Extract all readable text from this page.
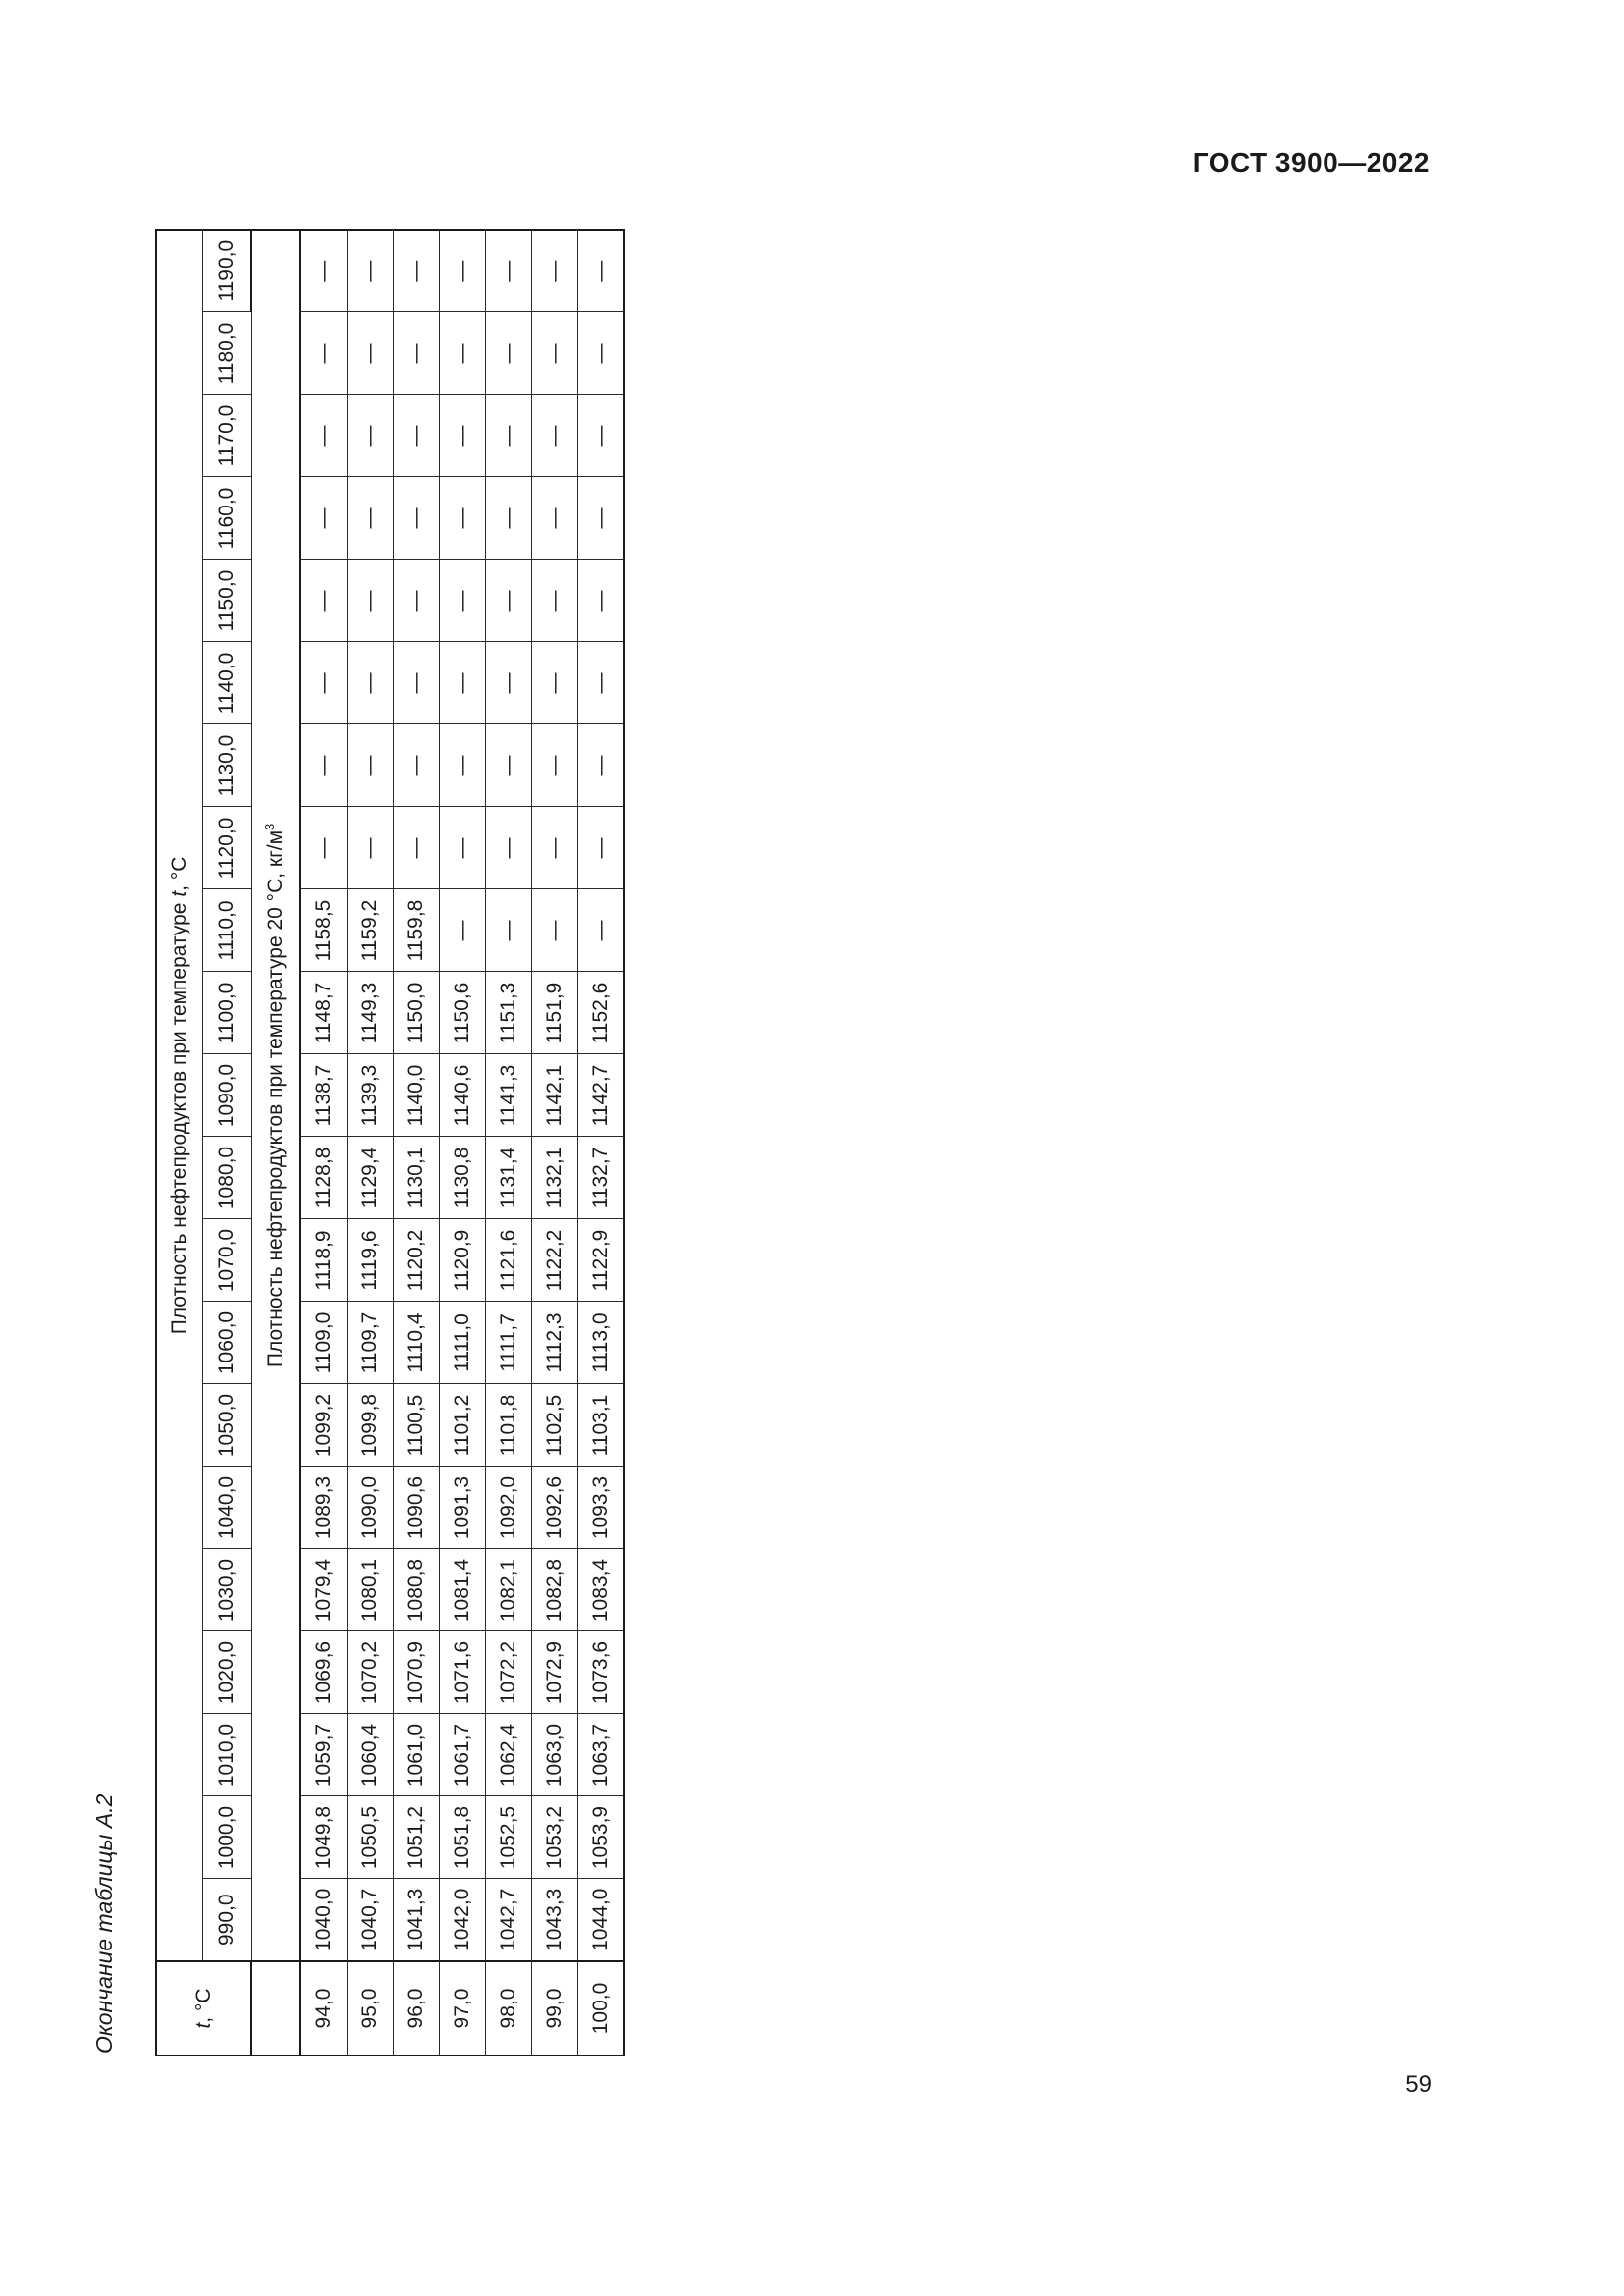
ГОСТ 3900—2022
Окончание таблицы А.2	t, °C	Плотность нефтепродуктов при температуре t, °C																				
	990,0	1000,0	1010,0	1020,0	1030,0	1040,0	1050,0	1060,0	1070,0	1080,0	1090,0	1100,0	1110,0	1120,0	1130,0	1140,0	1150,0	1160,0	1170,0	1180,0	1190,0
	Плотность нефтепродуктов при температуре 20 °C, $кг/м^3$
94,0	1040,0	1049,8	1059,7	1069,6	1079,4	1089,3	1099,2	1109,0	1118,9	1128,8	1138,7	1148,7	1158,5	—	—	—	—	—	—	—	—
95,0	1040,7	1050,5	1060,4	1070,2	1080,1	1090,0	1099,8	1109,7	1119,6	1129,4	1139,3	1149,3	1159,2	—	—	—	—	—	—	—	—
96,0	1041,3	1051,2	1061,0	1070,9	1080,8	1090,6	1100,5	1110,4	1120,2	1130,1	1140,0	1150,0	1159,8	—	—	—	—	—	—	—	—
97,0	1042,0	1051,8	1061,7	1071,6	1081,4	1091,3	1101,2	1111,0	1120,9	1130,8	1140,6	1150,6	—	—	—	—	—	—	—	—	—
98,0	1042,7	1052,5	1062,4	1072,2	1082,1	1092,0	1101,8	1111,7	1121,6	1131,4	1141,3	1151,3	—	—	—	—	—	—	—	—	—
99,0	1043,3	1053,2	1063,0	1072,9	1082,8	1092,6	1102,5	1112,3	1122,2	1132,1	1142,1	1151,9	—	—	—	—	—	—	—	—	—
100,0	1044,0	1053,9	1063,7	1073,6	1083,4	1093,3	1103,1	1113,0	1122,9	1132,7	1142,7	1152,6	—	—	—	—	—	—	—	—	—
59
